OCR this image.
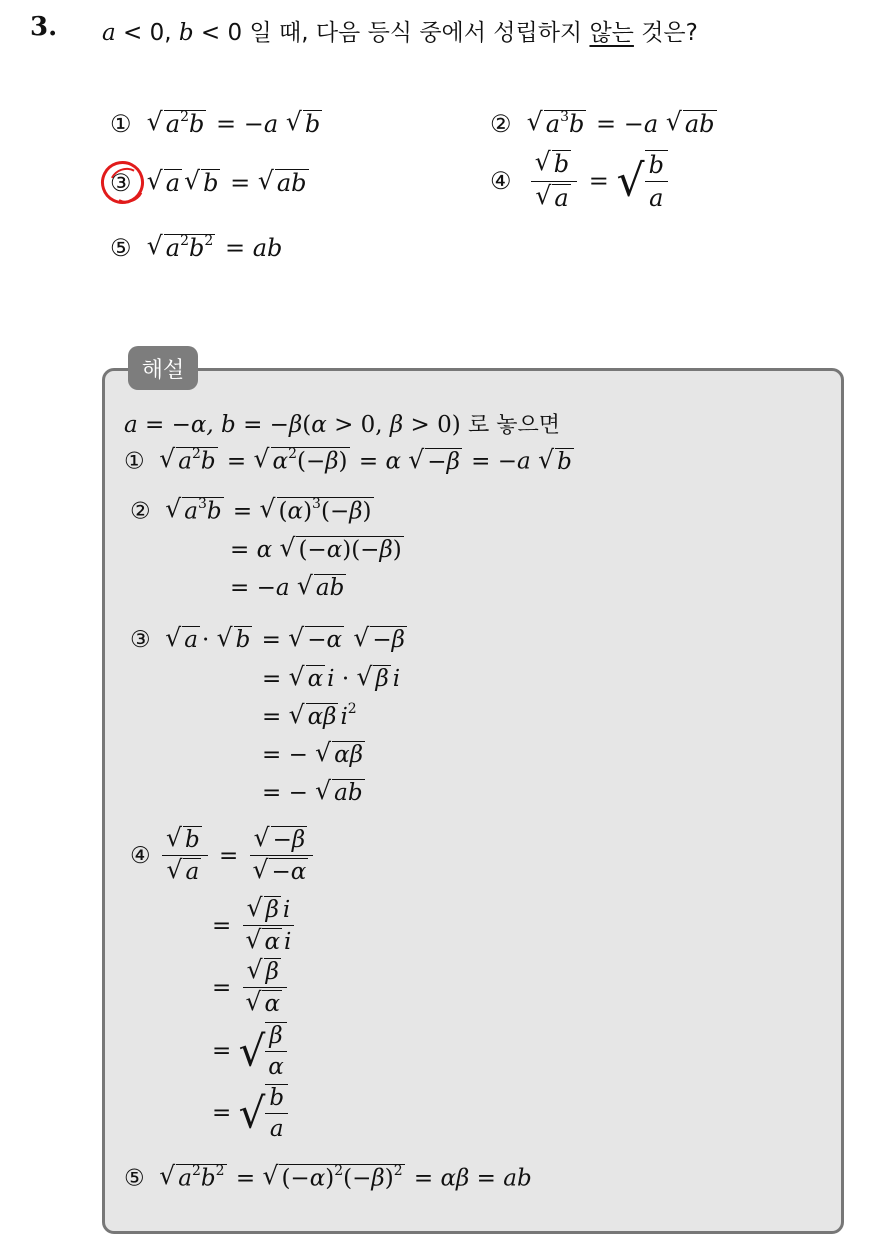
3. a < 0, b < 0 일 때, 다음 등식 중에서 성립하지 않는 것은?
① √ $a^2b = -a$ √ b	② √ $a^3b = -a$ √ ab
③ √ a √ b = √ ab	④ $\frac{√ b}{√ a}$ = √ $\frac{b}{a}$
⑤ √ $a^2b^2$ = ab
해설
a = −α, b = −β(α > 0, β > 0) 로 놓으면
① √ $a^2b$ = √ $\alpha^2(-\beta) = \alpha$ √ −β = −a √ b
② √ $a^3b$ = √ $(\alpha)^3(-\beta)$
= α √ (−α)(−β)
= −a √ ab
③ √ a · √ b = √ −α √ −β
= √ α i · √ β i
= √ αβ $i^2$
= − √ αβ
= − √ ab
④ $\frac{√ b}{√ a} = \frac{√ -\beta}{√ -\alpha}$
= $\frac{\text{√ β i}}{\text{√ α i}}$
= $\frac{√ \beta}{√ \alpha}$
= √ $\frac{\beta}{\alpha}$
= √ $\frac{b}{a}$
⑤ √ $a^2b^2$ = √ $(-\alpha)^2(-\beta)^2 = \alpha\beta$ = ab
